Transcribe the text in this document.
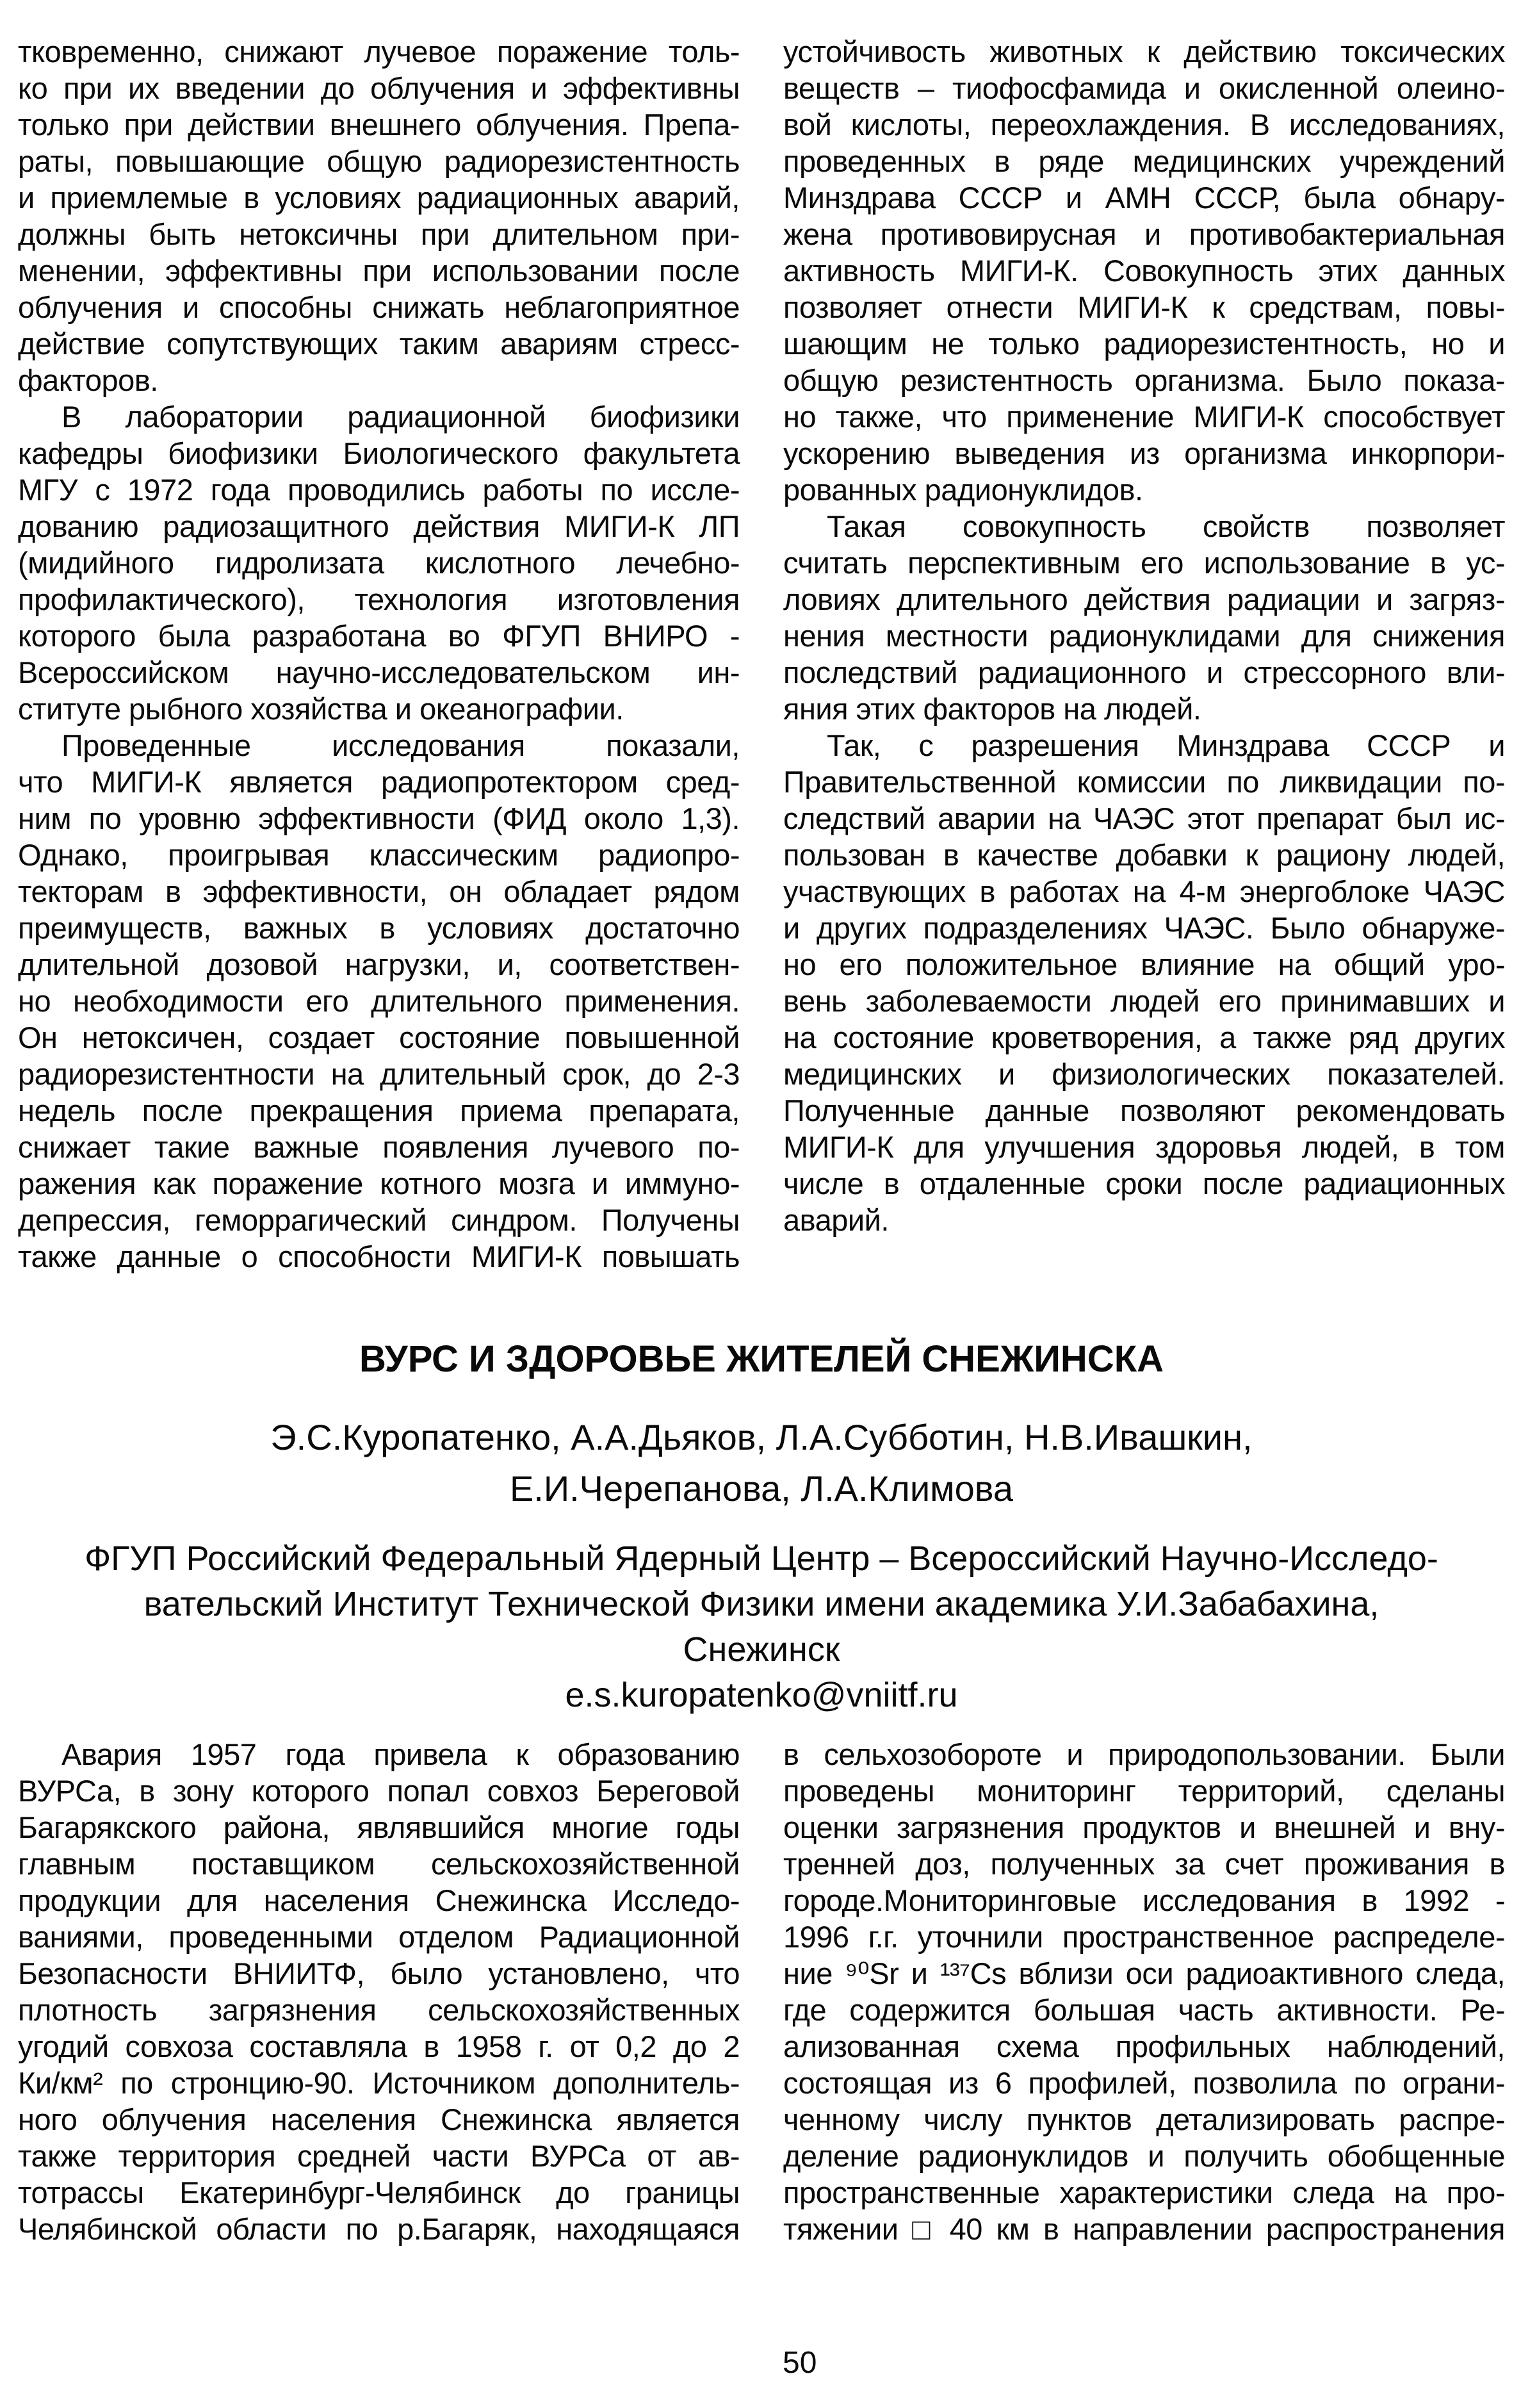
тковременно, снижают лучевое поражение толь-
ко при их введении до облучения и эффективны
только при действии внешнего облучения. Препа-
раты, повышающие общую радиорезистентность
и приемлемые в условиях радиационных аварий,
должны быть нетоксичны при длительном при-
менении, эффективны при использовании после
облучения и способны снижать неблагоприятное
действие сопутствующих таким авариям стресс-
факторов.
В лаборатории радиационной биофизики
кафедры биофизики Биологического факультета
МГУ с 1972 года проводились работы по иссле-
дованию радиозащитного действия МИГИ-К ЛП
(мидийного гидролизата кислотного лечебно-
профилактического), технология изготовления
которого была разработана во ФГУП ВНИРО -
Всероссийском научно-исследовательском ин-
ституте рыбного хозяйства и океанографии.
Проведенные исследования показали,
что МИГИ-К является радиопротектором сред-
ним по уровню эффективности (ФИД около 1,3).
Однако, проигрывая классическим радиопро-
текторам в эффективности, он обладает рядом
преимуществ, важных в условиях достаточно
длительной дозовой нагрузки, и, соответствен-
но необходимости его длительного применения.
Он нетоксичен, создает состояние повышенной
радиорезистентности на длительный срок, до 2-3
недель после прекращения приема препарата,
снижает такие важные появления лучевого по-
ражения как поражение котного мозга и иммуно-
депрессия, геморрагический синдром. Получены
также данные о способности МИГИ-К повышать
устойчивость животных к действию токсических
веществ – тиофосфамида и окисленной олеино-
вой кислоты, переохлаждения. В исследованиях,
проведенных в ряде медицинских учреждений
Минздрава СССР и АМН СССР, была обнару-
жена противовирусная и противобактериальная
активность МИГИ-К. Совокупность этих данных
позволяет отнести МИГИ-К к средствам, повы-
шающим не только радиорезистентность, но и
общую резистентность организма. Было показа-
но также, что применение МИГИ-К способствует
ускорению выведения из организма инкорпори-
рованных радионуклидов.
Такая совокупность свойств позволяет
считать перспективным его использование в ус-
ловиях длительного действия радиации и загряз-
нения местности радионуклидами для снижения
последствий радиационного и стрессорного вли-
яния этих факторов на людей.
Так, с разрешения Минздрава СССР и
Правительственной комиссии по ликвидации по-
следствий аварии на ЧАЭС этот препарат был ис-
пользован в качестве добавки к рациону людей,
участвующих в работах на 4-м энергоблоке ЧАЭС
и других подразделениях ЧАЭС. Было обнаруже-
но его положительное влияние на общий уро-
вень заболеваемости людей его принимавших и
на состояние кроветворения, а также ряд других
медицинских и физиологических показателей.
Полученные данные позволяют рекомендовать
МИГИ-К для улучшения здоровья людей, в том
числе в отдаленные сроки после радиационных
аварий.
ВУРС И ЗДОРОВЬЕ ЖИТЕЛЕЙ СНЕЖИНСКА

Э.С.Куропатенко, А.А.Дьяков, Л.А.Субботин, Н.В.Ивашкин,
Е.И.Черепанова, Л.А.Климова

ФГУП Российский Федеральный Ядерный Центр – Всероссийский Научно-Исследо-
вательский Институт Технической Физики имени академика У.И.Забабахина,
Снежинск
e.s.kuropatenko@vniitf.ru

Авария 1957 года привела к образованию
ВУРСа, в зону которого попал совхоз Береговой
Багарякского района, являвшийся многие годы
главным поставщиком сельскохозяйственной
продукции для населения Снежинска Исследо-
ваниями, проведенными отделом Радиационной
Безопасности ВНИИТФ, было установлено, что
плотность загрязнения сельскохозяйственных
угодий совхоза составляла в 1958 г. от 0,2 до 2
Ки/км² по стронцию-90. Источником дополнитель-
ного облучения населения Снежинска является
также территория средней части ВУРСа от ав-
тотрассы Екатеринбург-Челябинск до границы
Челябинской области по р.Багаряк, находящаяся
в сельхозобороте и природопользовании. Были
проведены мониторинг территорий, сделаны
оценки загрязнения продуктов и внешней и вну-
тренней доз, полученных за счет проживания в
городе.Мониторинговые исследования в 1992 -
1996 г.г. уточнили пространственное распределе-
ние ⁹⁰Sr и ¹³⁷Cs вблизи оси радиоактивного следа,
где содержится большая часть активности. Ре-
ализованная схема профильных наблюдений,
состоящая из 6 профилей, позволила по ограни-
ченному числу пунктов детализировать распре-
деление радионуклидов и получить обобщенные
пространственные характеристики следа на про-
тяжении □ 40 км в направлении распространения
50
